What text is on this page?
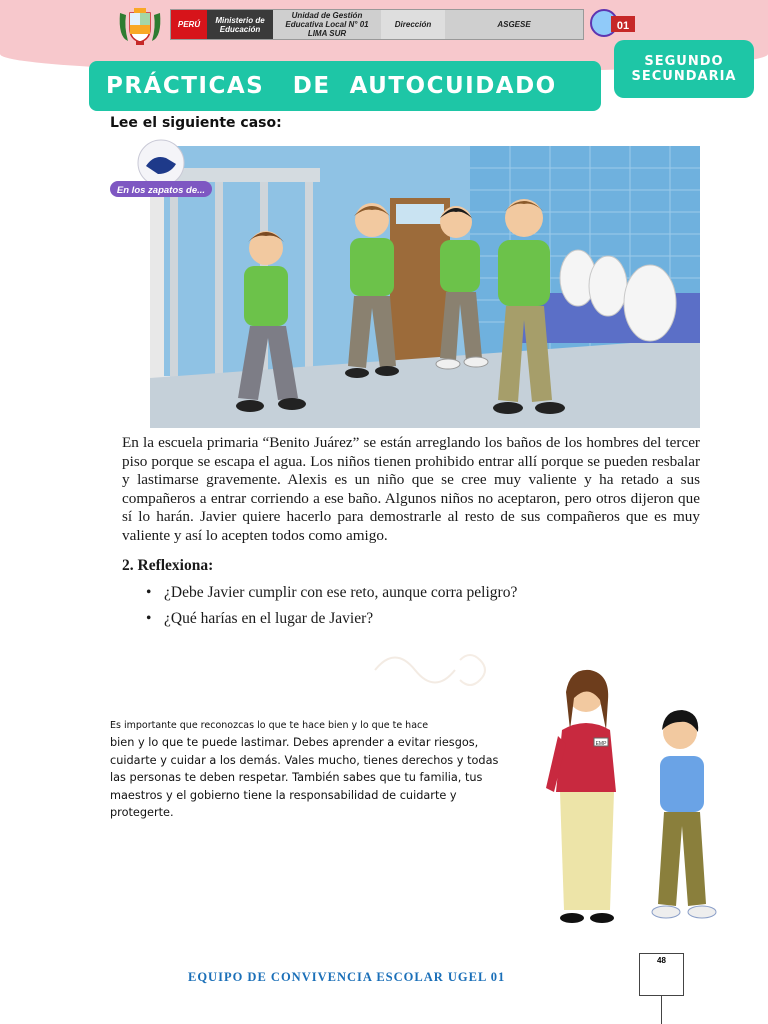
PERÚ	Ministerio de Educación
Unidad de Gestión Educativa Local N° 01
LIMA SUR
Dirección	ASGESE	01
SEGUNDO
SECUNDARIA
PRÁCTICAS   DE  AUTOCUIDADO
Lee el siguiente caso:
En los zapatos de...
En la escuela primaria “Benito Juárez” se están arreglando los baños de los hombres del tercer piso porque se escapa el agua. Los niños tienen prohibido entrar allí porque se pueden resbalar y lastimarse gravemente. Alexis es un niño que se cree muy valiente y ha retado a sus compañeros a entrar corriendo a ese baño. Algunos niños no aceptaron, pero otros dijeron que sí lo harán. Javier quiere hacerlo para demostrarle al resto de sus compañeros que es muy valiente y así lo acepten todos como amigo.
2. Reflexiona:
• ¿Debe Javier cumplir con ese reto, aunque corra peligro?
• ¿Qué harías en el lugar de Javier?
Es importante que reconozcas lo que te hace bien y lo que te hace
bien y lo que te puede lastimar. Debes aprender a evitar riesgos, cuidarte y cuidar a los demás. Vales mucho, tienes derechos y todas las personas te deben respetar. También sabes que tu familia, tus maestros y el gobierno tiene la responsabilidad de cuidarte y protegerte.
EMP
EQUIPO DE CONVIVENCIA ESCOLAR UGEL 01
48
